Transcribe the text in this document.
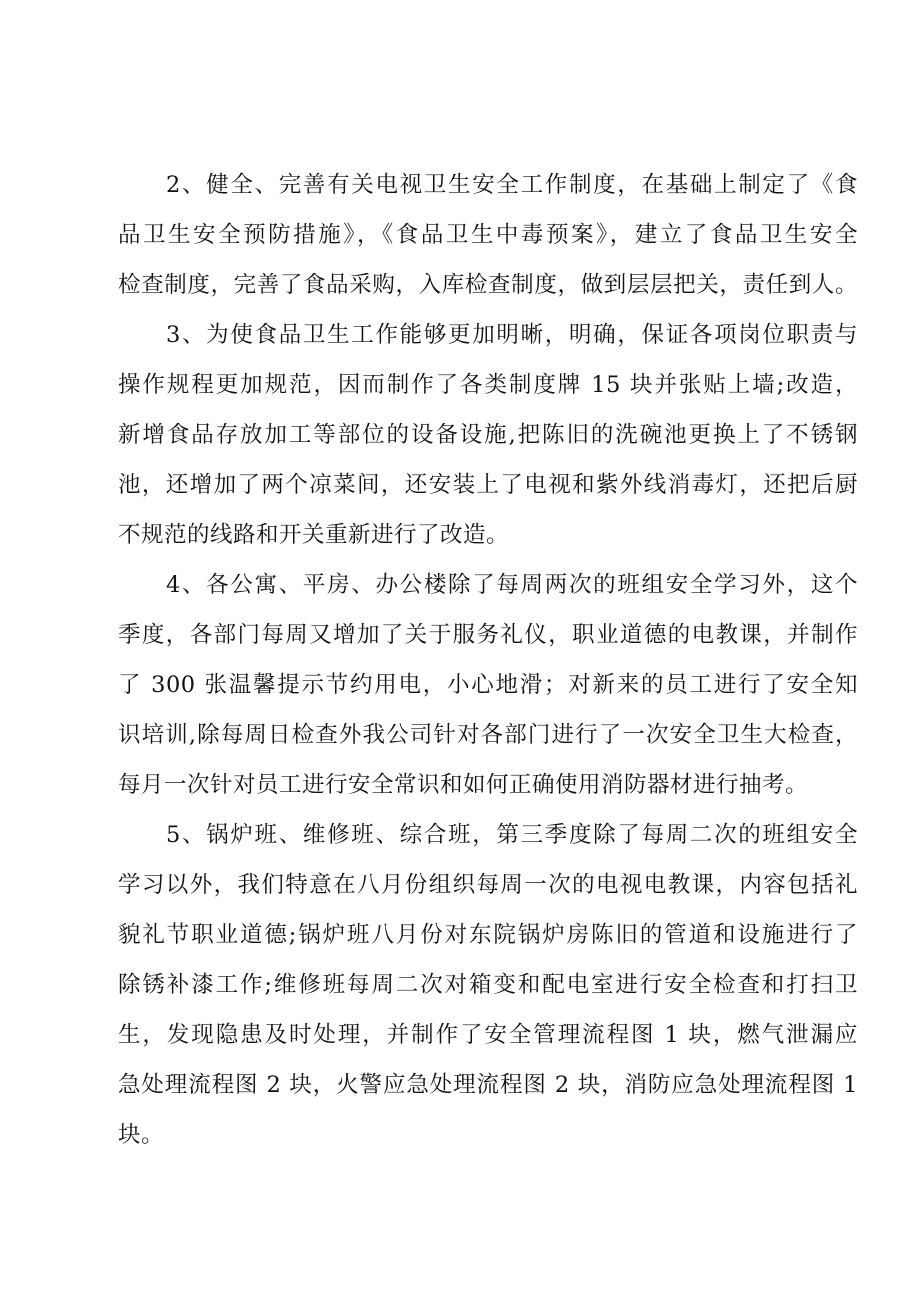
2、健全、完善有关电视卫生安全工作制度，在基础上制定了《食
品卫生安全预防措施》，《食品卫生中毒预案》，建立了食品卫生安全
检查制度，完善了食品采购，入库检查制度，做到层层把关，责任到人。
3、为使食品卫生工作能够更加明晰，明确，保证各项岗位职责与
操作规程更加规范，因而制作了各类制度牌 15 块并张贴上墙;改造，
新增食品存放加工等部位的设备设施,把陈旧的洗碗池更换上了不锈钢
池，还增加了两个凉菜间，还安装上了电视和紫外线消毒灯，还把后厨
不规范的线路和开关重新进行了改造。
4、各公寓、平房、办公楼除了每周两次的班组安全学习外，这个
季度，各部门每周又增加了关于服务礼仪，职业道德的电教课，并制作
了 300 张温馨提示节约用电，小心地滑；对新来的员工进行了安全知
识培训,除每周日检查外我公司针对各部门进行了一次安全卫生大检查，
每月一次针对员工进行安全常识和如何正确使用消防器材进行抽考。
5、锅炉班、维修班、综合班，第三季度除了每周二次的班组安全
学习以外，我们特意在八月份组织每周一次的电视电教课，内容包括礼
貌礼节职业道德;锅炉班八月份对东院锅炉房陈旧的管道和设施进行了
除锈补漆工作;维修班每周二次对箱变和配电室进行安全检查和打扫卫
生，发现隐患及时处理，并制作了安全管理流程图 1 块，燃气泄漏应
急处理流程图 2 块，火警应急处理流程图 2 块，消防应急处理流程图 1
块。
